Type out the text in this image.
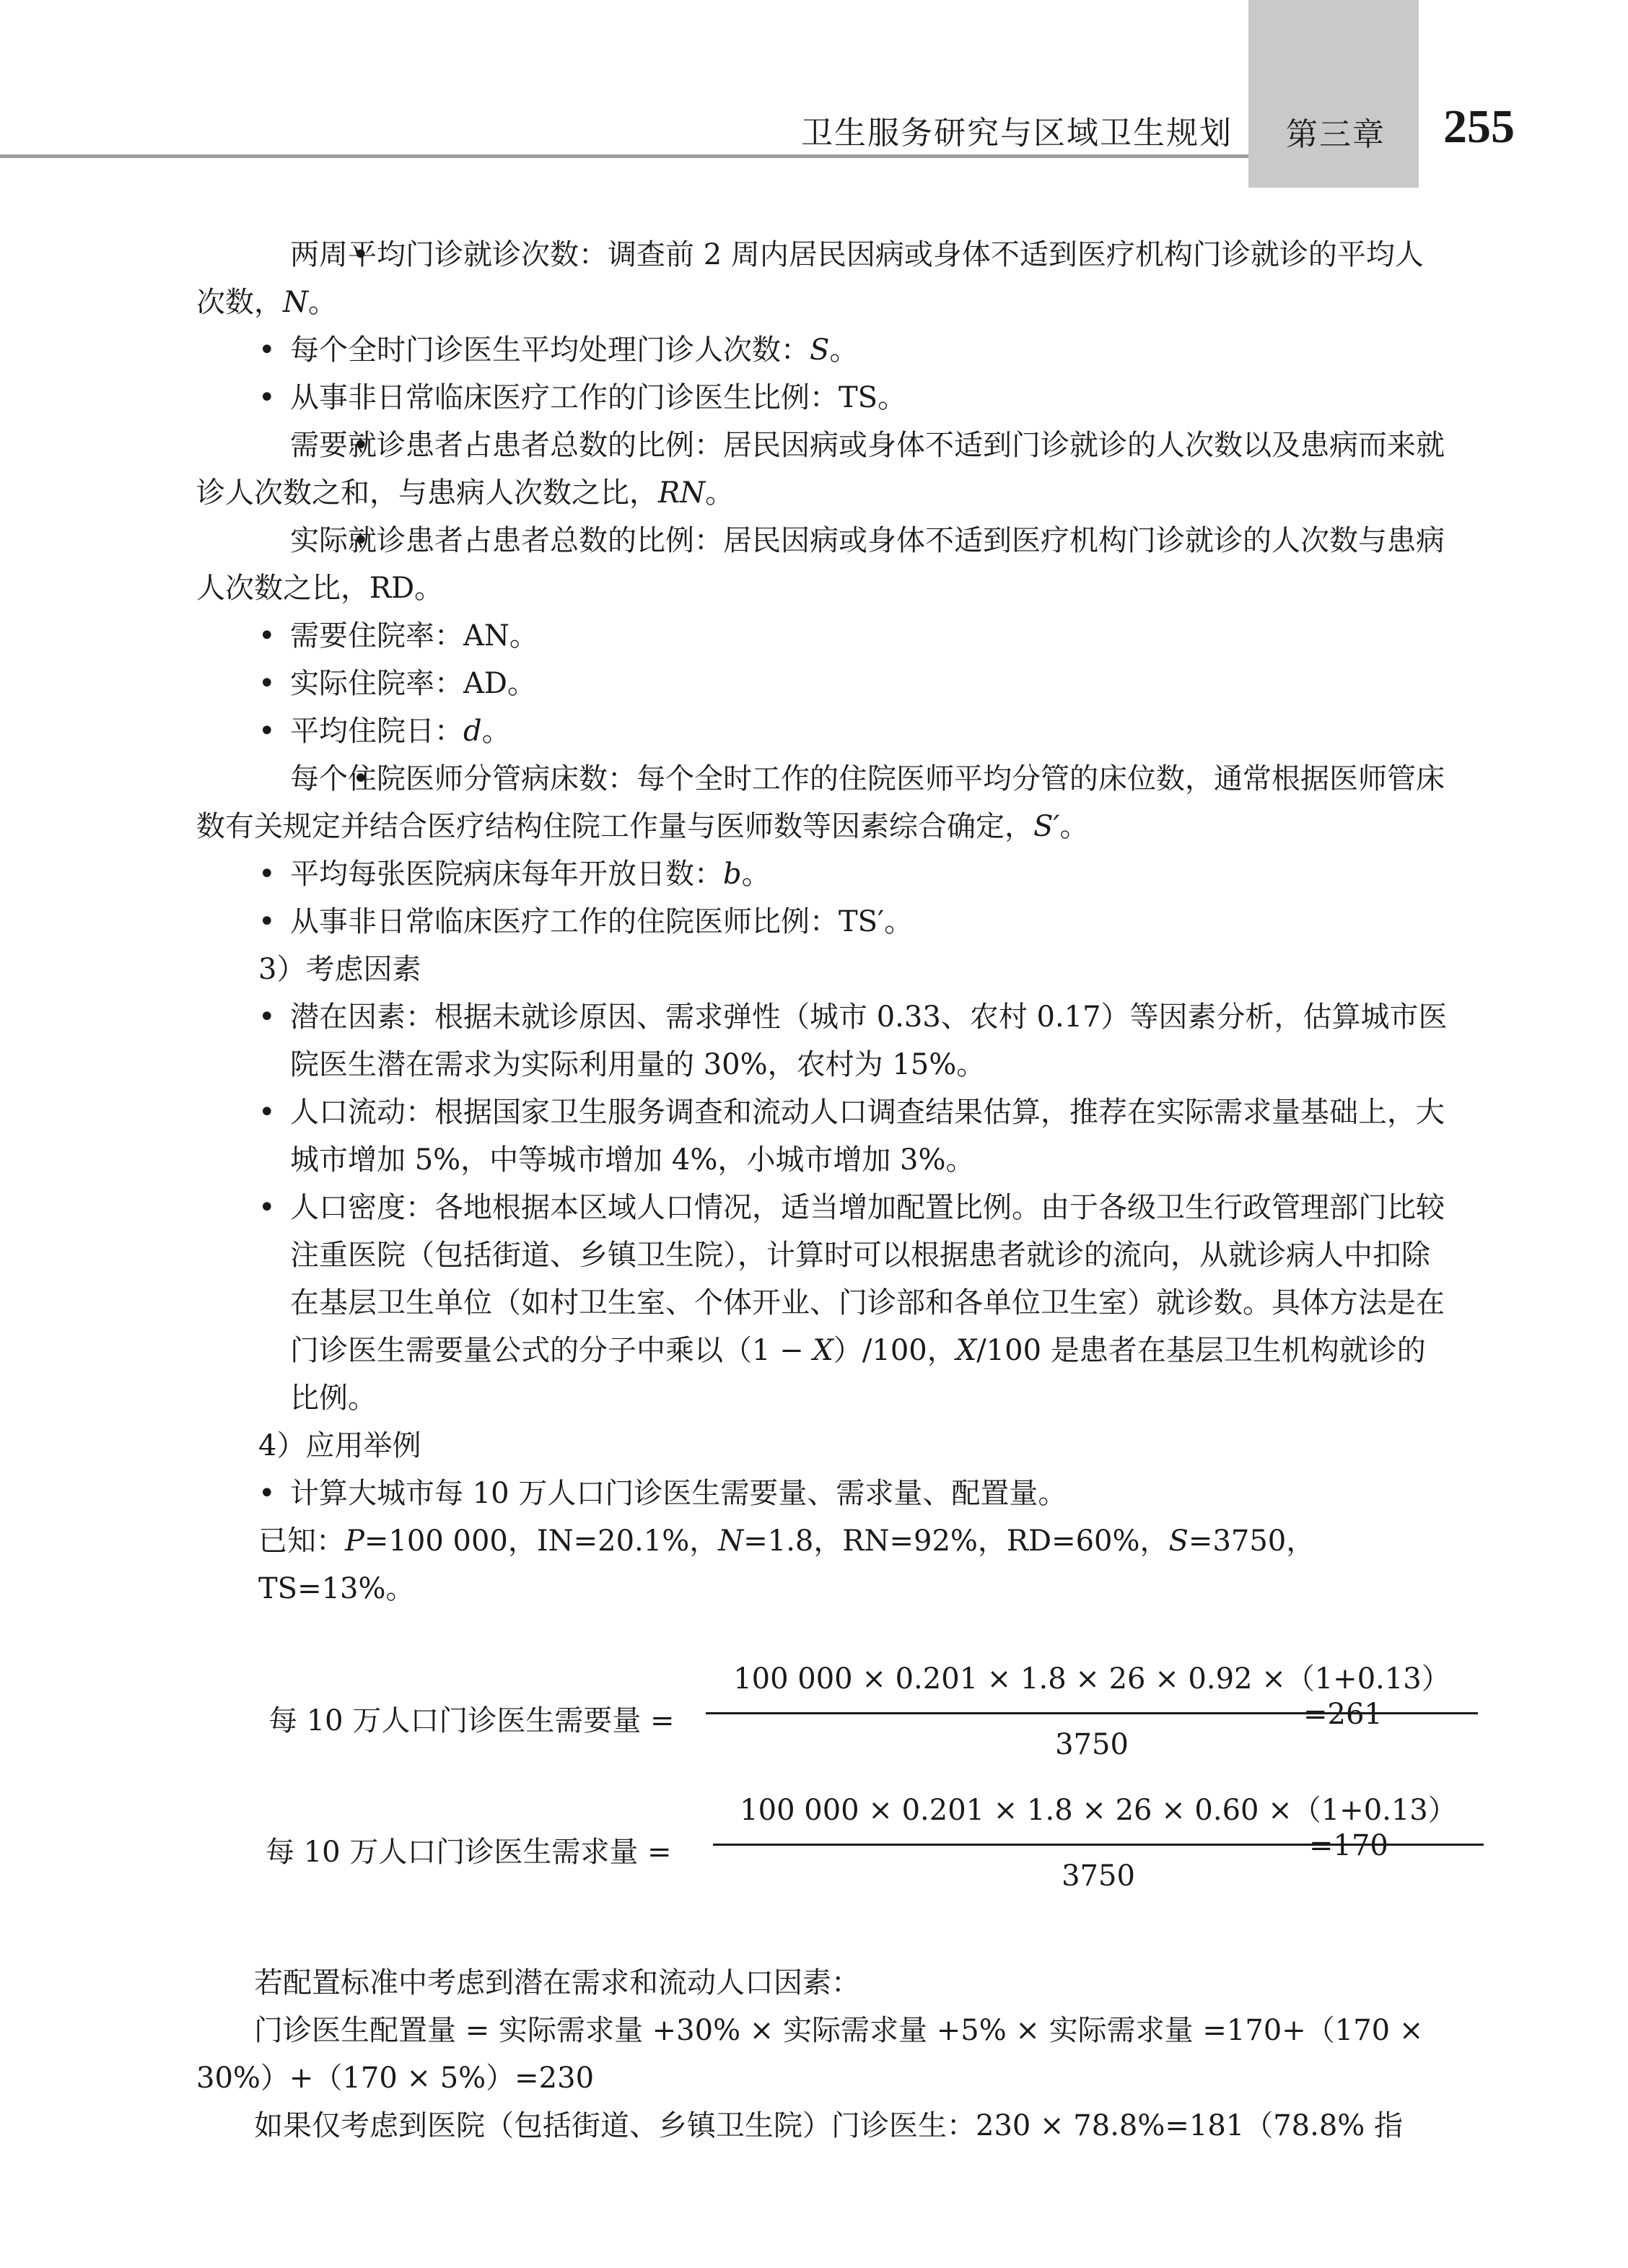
卫生服务研究与区域卫生规划 第三章 255

• 两周平均门诊就诊次数：调查前 2 周内居民因病或身体不适到医疗机构门诊就诊的平均人次数，N。

• 每个全时门诊医生平均处理门诊人次数：S。

• 从事非日常临床医疗工作的门诊医生比例：TS。

• 需要就诊患者占患者总数的比例：居民因病或身体不适到门诊就诊的人次数以及患病而来就诊人次数之和，与患病人次数之比，RN。

• 实际就诊患者占患者总数的比例：居民因病或身体不适到医疗机构门诊就诊的人次数与患病人次数之比，RD。

• 需要住院率：AN。

• 实际住院率：AD。

• 平均住院日：d。

• 每个住院医师分管病床数：每个全时工作的住院医师平均分管的床位数，通常根据医师管床数有关规定并结合医疗结构住院工作量与医师数等因素综合确定，S′。

• 平均每张医院病床每年开放日数：b。

• 从事非日常临床医疗工作的住院医师比例：TS′。

3）考虑因素

• 潜在因素：根据未就诊原因、需求弹性（城市 0.33、农村 0.17）等因素分析，估算城市医院医生潜在需求为实际利用量的 30%，农村为 15%。

• 人口流动：根据国家卫生服务调查和流动人口调查结果估算，推荐在实际需求量基础上，大城市增加 5%，中等城市增加 4%，小城市增加 3%。

• 人口密度：各地根据本区域人口情况，适当增加配置比例。由于各级卫生行政管理部门比较注重医院（包括街道、乡镇卫生院），计算时可以根据患者就诊的流向，从就诊病人中扣除在基层卫生单位（如村卫生室、个体开业、门诊部和各单位卫生室）就诊数。具体方法是在门诊医生需要量公式的分子中乘以（1 − X）/100，X/100 是患者在基层卫生机构就诊的比例。

4）应用举例

• 计算大城市每 10 万人口门诊医生需要量、需求量、配置量。

已知：P=100 000，IN=20.1%，N=1.8，RN=92%，RD=60%，S=3750，TS=13%。

每 10 万人口门诊医生需要量 =
100 000 × 0.201 × 1.8 × 26 × 0.92 ×（1+0.13）
3750
=261
每 10 万人口门诊医生需求量 =
100 000 × 0.201 × 1.8 × 26 × 0.60 ×（1+0.13）
3750
=170

若配置标准中考虑到潜在需求和流动人口因素：

门诊医生配置量 = 实际需求量 +30% × 实际需求量 +5% × 实际需求量 =170+（170 × 30%）+（170 × 5%）=230

如果仅考虑到医院（包括街道、乡镇卫生院）门诊医生：230 × 78.8%=181（78.8% 指
